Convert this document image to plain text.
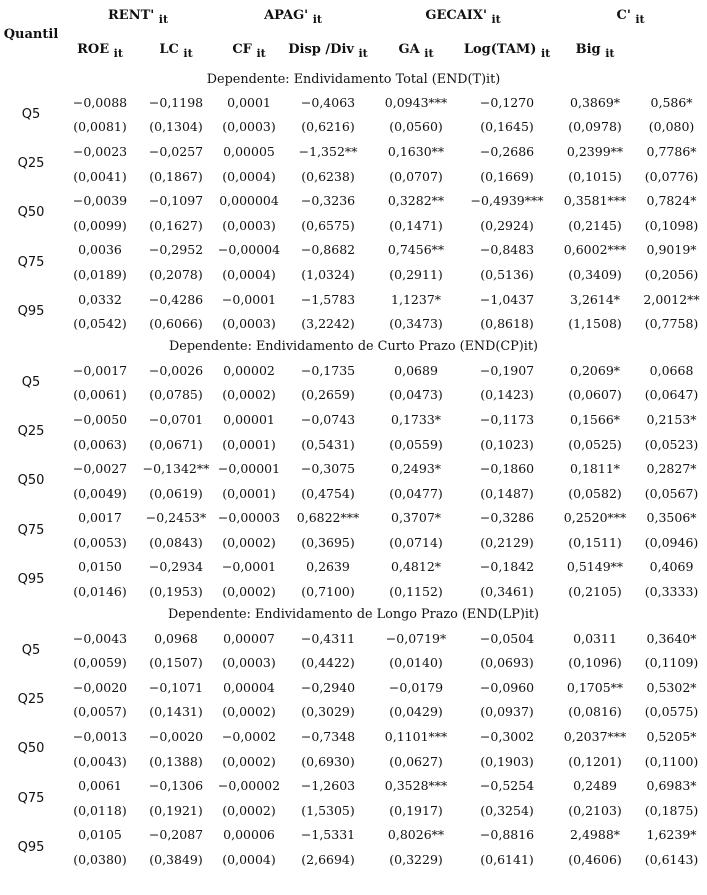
Quantil	RENT' $_{it}$		APAG' $_{it}$		GECAIX' $_{it}$		C' $_{it}$	
	ROE $_{it}$	LC $_{it}$	CF $_{it}$	Disp /Div $_{it}$	GA $_{it}$	Log(TAM) $_{it}$	Big $_{it}$	
Dependente: Endividamento Total (END(T)it)									
Q5	−0,0088	−0,1198	0,0001	−0,4063	0,0943***	−0,1270	0,3869*	0,586*	
	(0,0081)	(0,1304)	(0,0003)	(0,6216)	(0,0560)	(0,1645)	(0,0978)	(0,080)	
Q25	−0,0023	−0,0257	0,00005	−1,352**	0,1630**	−0,2686	0,2399**	0,7786*	
	(0,0041)	(0,1867)	(0,0004)	(0,6238)	(0,0707)	(0,1669)	(0,1015)	(0,0776)	
Q50	−0,0039	−0,1097	0,000004	−0,3236	0,3282**	−0,4939***	0,3581***	0,7824*	
	(0,0099)	(0,1627)	(0,0003)	(0,6575)	(0,1471)	(0,2924)	(0,2145)	(0,1098)	
Q75	0,0036	−0,2952	−0,00004	−0,8682	0,7456**	−0,8483	0,6002***	0,9019*	
	(0,0189)	(0,2078)	(0,0004)	(1,0324)	(0,2911)	(0,5136)	(0,3409)	(0,2056)	
Q95	0,0332	−0,4286	−0,0001	−1,5783	1,1237*	−1,0437	3,2614*	2,0012**	
	(0,0542)	(0,6066)	(0,0003)	(3,2242)	(0,3473)	(0,8618)	(1,1508)	(0,7758)	
Dependente: Endividamento de Curto Prazo (END(CP)it)									
Q5	−0,0017	−0,0026	0,00002	−0,1735	0,0689	−0,1907	0,2069*	0,0668	
	(0,0061)	(0,0785)	(0,0002)	(0,2659)	(0,0473)	(0,1423)	(0,0607)	(0,0647)	
Q25	−0,0050	−0,0701	0,00001	−0,0743	0,1733*	−0,1173	0,1566*	0,2153*	
	(0,0063)	(0,0671)	(0,0001)	(0,5431)	(0,0559)	(0,1023)	(0,0525)	(0,0523)	
Q50	−0,0027	−0,1342**	−0,00001	−0,3075	0,2493*	−0,1860	0,1811*	0,2827*	
	(0,0049)	(0,0619)	(0,0001)	(0,4754)	(0,0477)	(0,1487)	(0,0582)	(0,0567)	
Q75	0,0017	−0,2453*	−0,00003	0,6822***	0,3707*	−0,3286	0,2520***	0,3506*	
	(0,0053)	(0,0843)	(0,0002)	(0,3695)	(0,0714)	(0,2129)	(0,1511)	(0,0946)	
Q95	0,0150	−0,2934	−0,0001	0,2639	0,4812*	−0,1842	0,5149**	0,4069	
	(0,0146)	(0,1953)	(0,0002)	(0,7100)	(0,1152)	(0,3461)	(0,2105)	(0,3333)	
Dependente: Endividamento de Longo Prazo (END(LP)it)									
Q5	−0,0043	0,0968	0,00007	−0,4311	−0,0719*	−0,0504	0,0311	0,3640*	
	(0,0059)	(0,1507)	(0,0003)	(0,4422)	(0,0140)	(0,0693)	(0,1096)	(0,1109)	
Q25	−0,0020	−0,1071	0,00004	−0,2940	−0,0179	−0,0960	0,1705**	0,5302*	
	(0,0057)	(0,1431)	(0,0002)	(0,3029)	(0,0429)	(0,0937)	(0,0816)	(0,0575)	
Q50	−0,0013	−0,0020	−0,0002	−0,7348	0,1101***	−0,3002	0,2037***	0,5205*	
	(0,0043)	(0,1388)	(0,0002)	(0,6930)	(0,0627)	(0,1903)	(0,1201)	(0,1100)	
Q75	0,0061	−0,1306	−0,00002	−1,2603	0,3528***	−0,5254	0,2489	0,6983*	
	(0,0118)	(0,1921)	(0,0002)	(1,5305)	(0,1917)	(0,3254)	(0,2103)	(0,1875)	
Q95	0,0105	−0,2087	0,00006	−1,5331	0,8026**	−0,8816	2,4988*	1,6239*	
	(0,0380)	(0,3849)	(0,0004)	(2,6694)	(0,3229)	(0,6141)	(0,4606)	(0,6143)	
